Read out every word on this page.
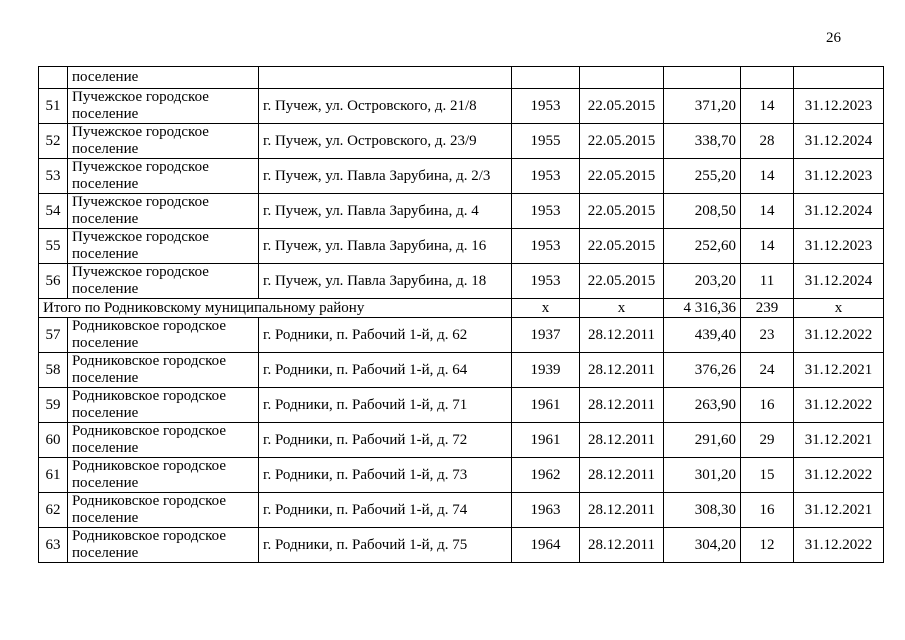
26

	поселение						

51	Пучежское городское
поселение	г. Пучеж, ул. Островского, д. 21/8	1953	22.05.2015	371,20	14	31.12.2023
52	Пучежское городское
поселение	г. Пучеж, ул. Островского, д. 23/9	1955	22.05.2015	338,70	28	31.12.2024
53	Пучежское городское
поселение	г. Пучеж, ул. Павла Зарубина, д. 2/3	1953	22.05.2015	255,20	14	31.12.2023
54	Пучежское городское
поселение	г. Пучеж, ул. Павла Зарубина, д. 4	1953	22.05.2015	208,50	14	31.12.2024
55	Пучежское городское
поселение	г. Пучеж, ул. Павла Зарубина, д. 16	1953	22.05.2015	252,60	14	31.12.2023
56	Пучежское городское
поселение	г. Пучеж, ул. Павла Зарубина, д. 18	1953	22.05.2015	203,20	11	31.12.2024
Итого по Родниковскому муниципальному району			х	х	4 316,36	239	х
57	Родниковское городское
поселение	г. Родники, п. Рабочий 1-й, д. 62	1937	28.12.2011	439,40	23	31.12.2022
58	Родниковское городское
поселение	г. Родники, п. Рабочий 1-й, д. 64	1939	28.12.2011	376,26	24	31.12.2021
59	Родниковское городское
поселение	г. Родники, п. Рабочий 1-й, д. 71	1961	28.12.2011	263,90	16	31.12.2022
60	Родниковское городское
поселение	г. Родники, п. Рабочий 1-й, д. 72	1961	28.12.2011	291,60	29	31.12.2021
61	Родниковское городское
поселение	г. Родники, п. Рабочий 1-й, д. 73	1962	28.12.2011	301,20	15	31.12.2022
62	Родниковское городское
поселение	г. Родники, п. Рабочий 1-й, д. 74	1963	28.12.2011	308,30	16	31.12.2021
63	Родниковское городское
поселение	г. Родники, п. Рабочий 1-й, д. 75	1964	28.12.2011	304,20	12	31.12.2022
